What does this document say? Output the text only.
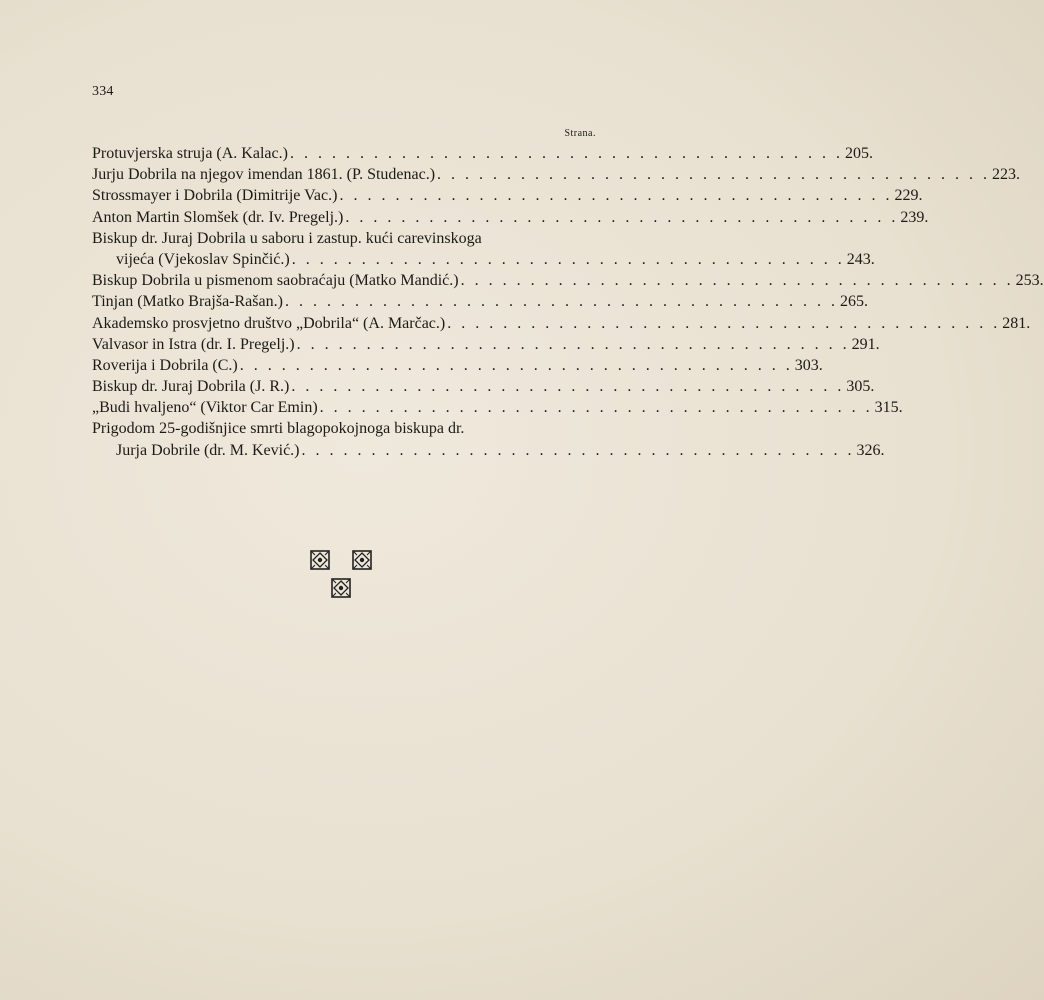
334
Strana.
Protuvjerska struja (A. Kalac.) . . . . . . . . . . . . . . . . . . . . . . . . . . . . . . . . . . . . . . . . 205.
Jurju Dobrila na njegov imendan 1861. (P. Studenac.) . . . . . . . . . . . . . . . . . . . . . . . . . . . . . . . . . . . . . . . . 223.
Strossmayer i Dobrila (Dimitrije Vac.) . . . . . . . . . . . . . . . . . . . . . . . . . . . . . . . . . . . . . . . . 229.
Anton Martin Slomšek (dr. Iv. Pregelj.) . . . . . . . . . . . . . . . . . . . . . . . . . . . . . . . . . . . . . . . . 239.
Biskup dr. Juraj Dobrila u saboru i zastup. kući carevinskoga
vijeća (Vjekoslav Spinčić.) . . . . . . . . . . . . . . . . . . . . . . . . . . . . . . . . . . . . . . . . 243.
Biskup Dobrila u pismenom saobraćaju (Matko Mandić.) . . . . . . . . . . . . . . . . . . . . . . . . . . . . . . . . . . . . . . . . 253.
Tinjan (Matko Brajša-Rašan.) . . . . . . . . . . . . . . . . . . . . . . . . . . . . . . . . . . . . . . . . 265.
Akademsko prosvjetno društvo „Dobrila“ (A. Marčac.) . . . . . . . . . . . . . . . . . . . . . . . . . . . . . . . . . . . . . . . . 281.
Valvasor in Istra (dr. I. Pregelj.) . . . . . . . . . . . . . . . . . . . . . . . . . . . . . . . . . . . . . . . . 291.
Roverija i Dobrila (C.) . . . . . . . . . . . . . . . . . . . . . . . . . . . . . . . . . . . . . . . . 303.
Biskup dr. Juraj Dobrila (J. R.) . . . . . . . . . . . . . . . . . . . . . . . . . . . . . . . . . . . . . . . . 305.
„Budi hvaljeno“ (Viktor Car Emin) . . . . . . . . . . . . . . . . . . . . . . . . . . . . . . . . . . . . . . . . 315.
Prigodom 25-godišnjice smrti blagopokojnoga biskupa dr.
Jurja Dobrile (dr. M. Kević.) . . . . . . . . . . . . . . . . . . . . . . . . . . . . . . . . . . . . . . . . 326.
